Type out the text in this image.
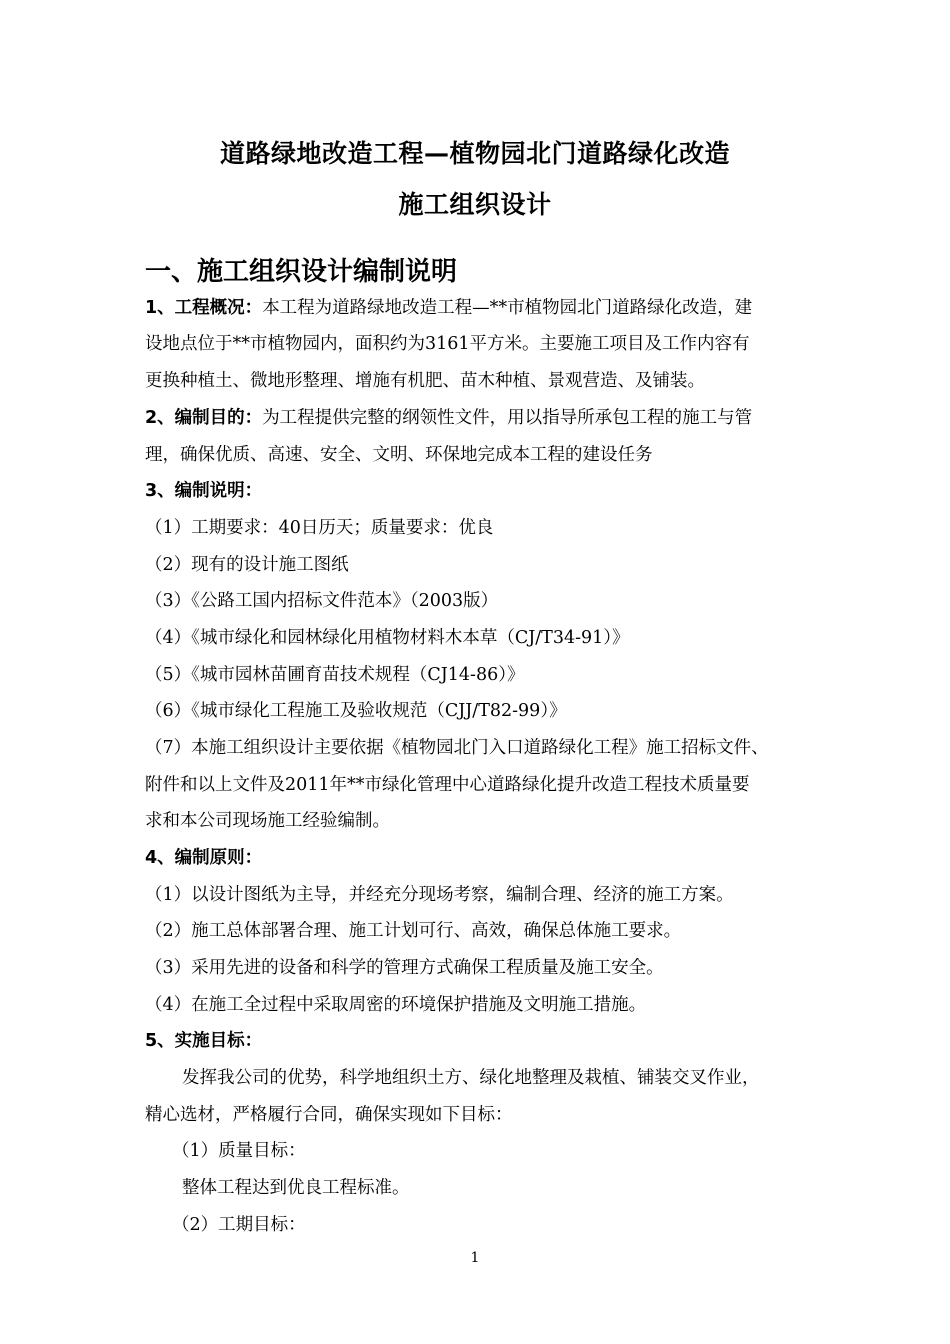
道路绿地改造工程—植物园北门道路绿化改造
施工组织设计
一、施工组织设计编制说明
1、工程概况：本工程为道路绿地改造工程—**市植物园北门道路绿化改造，建
设地点位于**市植物园内，面积约为3161平方米。主要施工项目及工作内容有
更换种植土、微地形整理、增施有机肥、苗木种植、景观营造、及铺装。
2、编制目的：为工程提供完整的纲领性文件，用以指导所承包工程的施工与管
理，确保优质、高速、安全、文明、环保地完成本工程的建设任务
3、编制说明：
（1）工期要求：40日历天；质量要求：优良
（2）现有的设计施工图纸
（3）《公路工国内招标文件范本》（2003版）
（4）《城市绿化和园林绿化用植物材料木本草（CJ/T34-91）》
（5）《城市园林苗圃育苗技术规程（CJ14-86）》
（6）《城市绿化工程施工及验收规范（CJJ/T82-99）》
（7）本施工组织设计主要依据《植物园北门入口道路绿化工程》施工招标文件、
附件和以上文件及2011年**市绿化管理中心道路绿化提升改造工程技术质量要
求和本公司现场施工经验编制。
4、编制原则：
（1）以设计图纸为主导，并经充分现场考察，编制合理、经济的施工方案。
（2）施工总体部署合理、施工计划可行、高效，确保总体施工要求。
（3）采用先进的设备和科学的管理方式确保工程质量及施工安全。
（4）在施工全过程中采取周密的环境保护措施及文明施工措施。
5、实施目标：
发挥我公司的优势，科学地组织土方、绿化地整理及栽植、铺装交叉作业，
精心选材，严格履行合同，确保实现如下目标：
（1）质量目标：
整体工程达到优良工程标准。
（2）工期目标：
1
